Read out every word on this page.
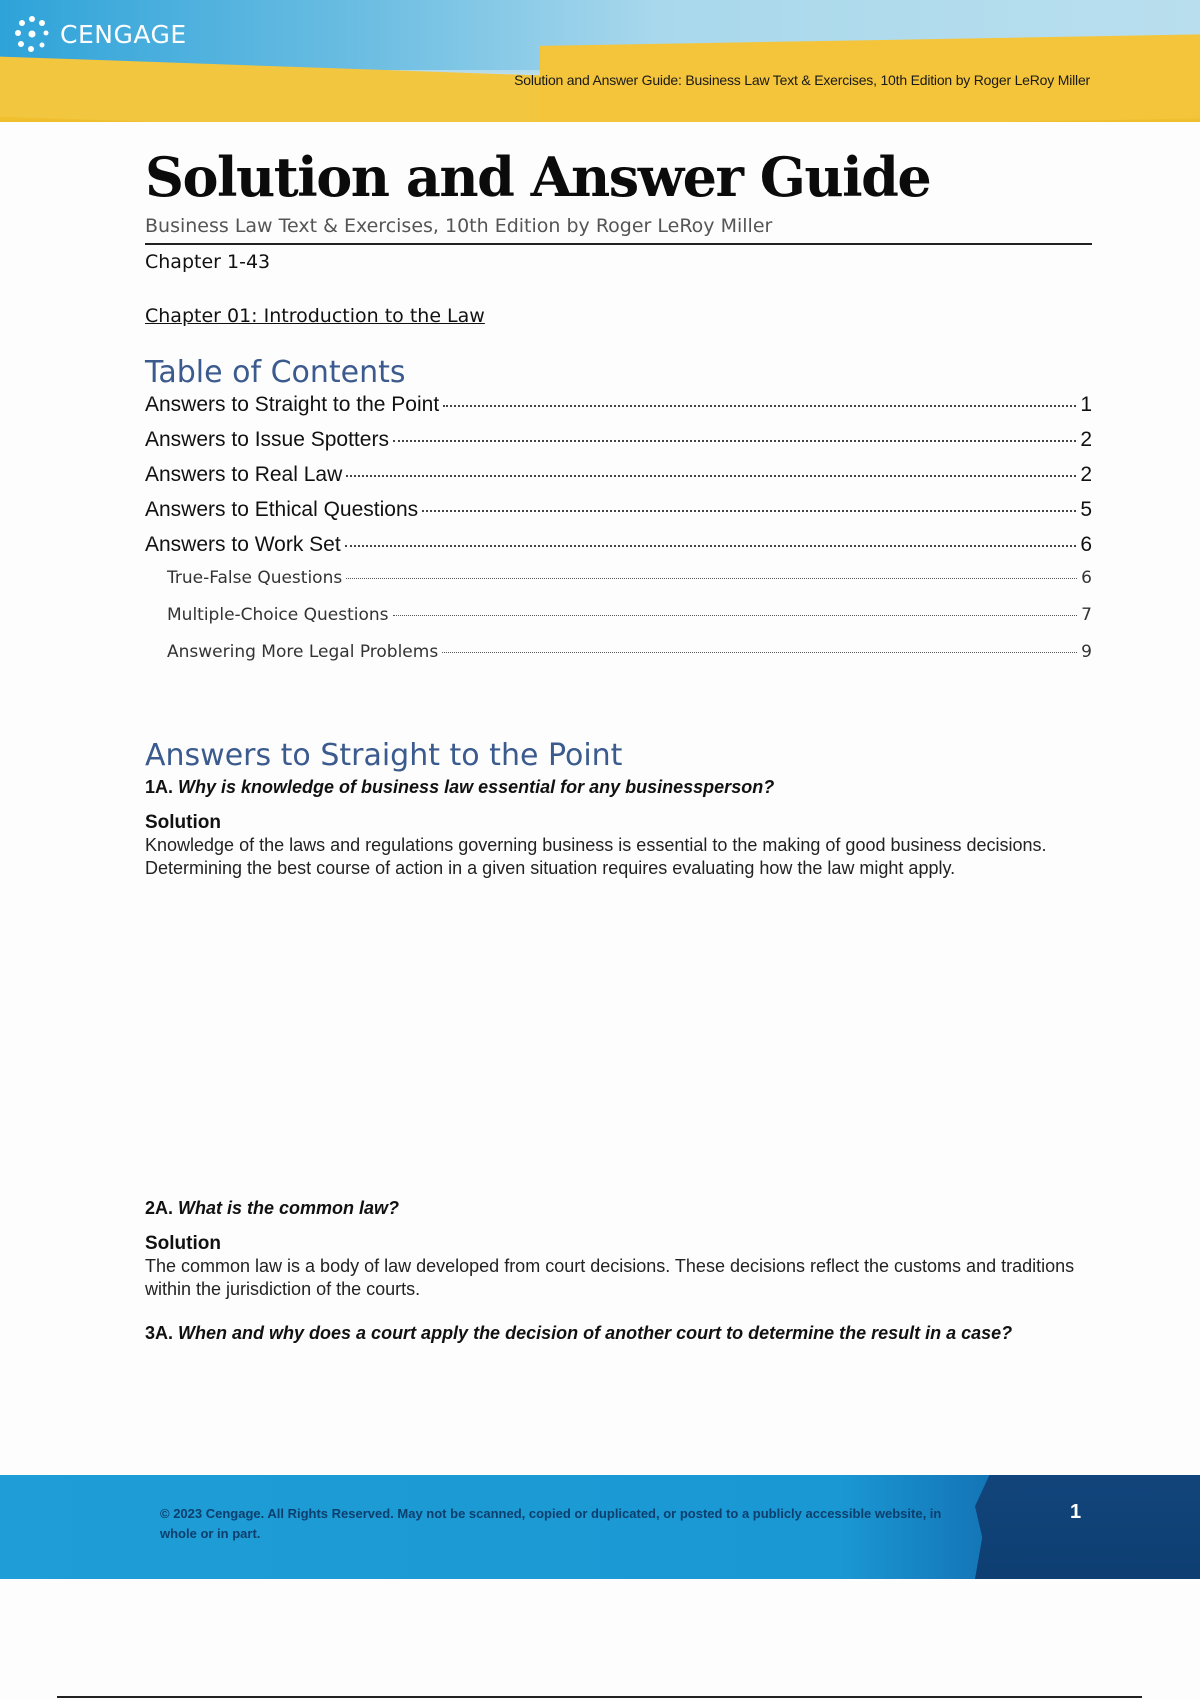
CENGAGE
Solution and Answer Guide: Business Law Text & Exercises, 10th Edition by Roger LeRoy Miller
Solution and Answer Guide
Business Law Text & Exercises, 10th Edition by Roger LeRoy Miller
Chapter 1-43
Chapter 01: Introduction to the Law
Table of Contents
Answers to Straight to the Point	1
Answers to Issue Spotters	2
Answers to Real Law	2
Answers to Ethical Questions	5
Answers to Work Set	6
True-False Questions	6
Multiple-Choice Questions	7
Answering More Legal Problems	9
Answers to Straight to the Point
1A. Why is knowledge of business law essential for any businessperson?
Solution
Knowledge of the laws and regulations governing business is essential to the making of good business decisions. Determining the best course of action in a given situation requires evaluating how the law might apply.
2A. What is the common law?
Solution
The common law is a body of law developed from court decisions. These decisions reflect the customs and traditions within the jurisdiction of the courts.
3A. When and why does a court apply the decision of another court to determine the result in a case?
© 2023 Cengage. All Rights Reserved. May not be scanned, copied or duplicated, or posted to a publicly accessible website, in whole or in part.
1
